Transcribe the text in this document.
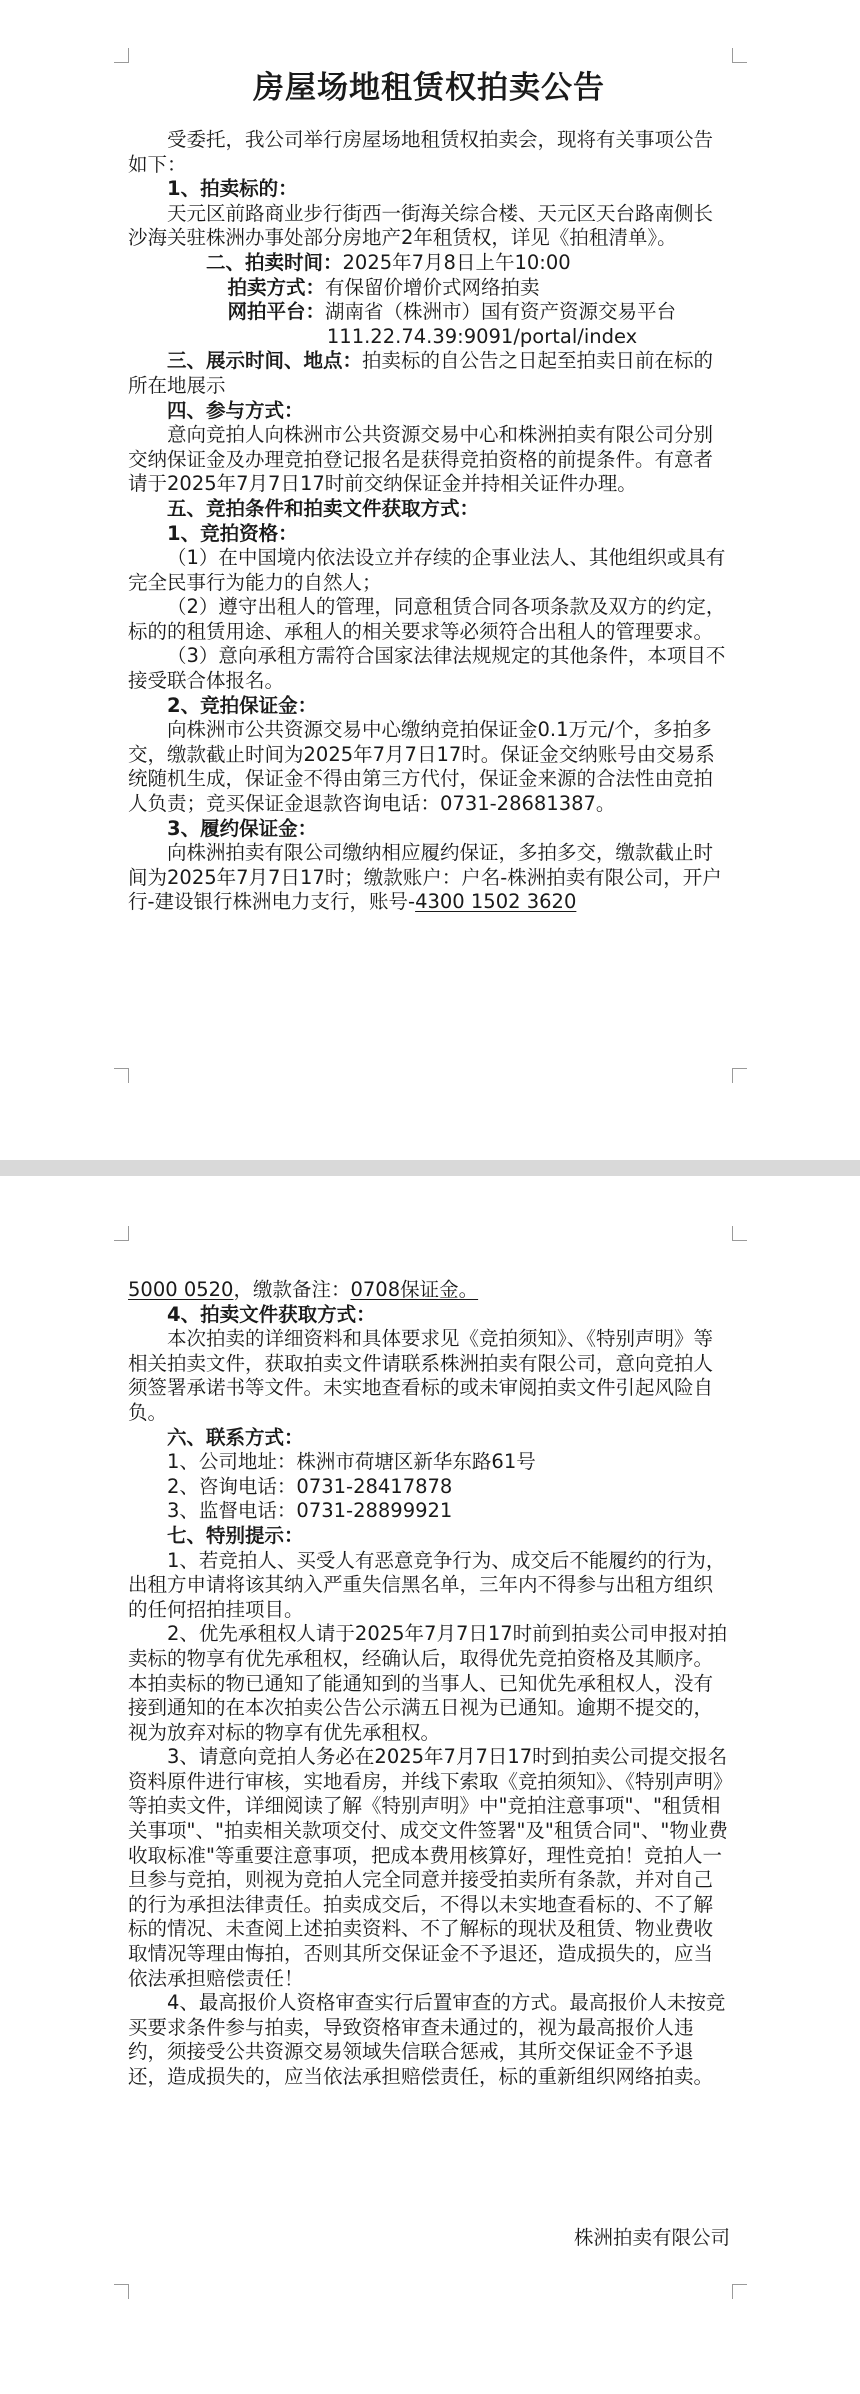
房屋场地租赁权拍卖公告

受委托，我公司举行房屋场地租赁权拍卖会，现将有关事项公告如下：

1、拍卖标的：

天元区前路商业步行街西一街海关综合楼、天元区天台路南侧长沙海关驻株洲办事处部分房地产2年租赁权，详见《拍租清单》。

二、拍卖时间：2025年7月8日上午10:00

拍卖方式：有保留价增价式网络拍卖

网拍平台：湖南省（株洲市）国有资产资源交易平台

111.22.74.39:9091/portal/index

三、展示时间、地点：拍卖标的自公告之日起至拍卖日前在标的所在地展示

四、参与方式：

意向竞拍人向株洲市公共资源交易中心和株洲拍卖有限公司分别交纳保证金及办理竞拍登记报名是获得竞拍资格的前提条件。有意者请于2025年7月7日17时前交纳保证金并持相关证件办理。

五、竞拍条件和拍卖文件获取方式：

1、竞拍资格：

（1）在中国境内依法设立并存续的企事业法人、其他组织或具有完全民事行为能力的自然人；

（2）遵守出租人的管理，同意租赁合同各项条款及双方的约定，标的的租赁用途、承租人的相关要求等必须符合出租人的管理要求。

（3）意向承租方需符合国家法律法规规定的其他条件，本项目不接受联合体报名。

2、竞拍保证金：

向株洲市公共资源交易中心缴纳竞拍保证金0.1万元/个，多拍多交，缴款截止时间为2025年7月7日17时。保证金交纳账号由交易系统随机生成，保证金不得由第三方代付，保证金来源的合法性由竞拍人负责；竞买保证金退款咨询电话：0731-28681387。

3、履约保证金：

向株洲拍卖有限公司缴纳相应履约保证，多拍多交，缴款截止时间为2025年7月7日17时；缴款账户：户名-株洲拍卖有限公司，开户行-建设银行株洲电力支行，账号-4300 1502 3620

5000 0520，缴款备注：0708保证金。

4、拍卖文件获取方式：

本次拍卖的详细资料和具体要求见《竞拍须知》、《特别声明》等相关拍卖文件，获取拍卖文件请联系株洲拍卖有限公司，意向竞拍人须签署承诺书等文件。未实地查看标的或未审阅拍卖文件引起风险自负。

六、联系方式：

1、公司地址：株洲市荷塘区新华东路61号

2、咨询电话：0731-28417878

3、监督电话：0731-28899921

七、特别提示：

1、若竞拍人、买受人有恶意竞争行为、成交后不能履约的行为，出租方申请将该其纳入严重失信黑名单，三年内不得参与出租方组织的任何招拍挂项目。

2、优先承租权人请于2025年7月7日17时前到拍卖公司申报对拍卖标的物享有优先承租权，经确认后，取得优先竞拍资格及其顺序。本拍卖标的物已通知了能通知到的当事人、已知优先承租权人，没有接到通知的在本次拍卖公告公示满五日视为已通知。逾期不提交的，视为放弃对标的物享有优先承租权。

3、请意向竞拍人务必在2025年7月7日17时到拍卖公司提交报名资料原件进行审核，实地看房，并线下索取《竞拍须知》、《特别声明》等拍卖文件，详细阅读了解《特别声明》中"竞拍注意事项"、"租赁相关事项"、"拍卖相关款项交付、成交文件签署"及"租赁合同"、"物业费收取标准"等重要注意事项，把成本费用核算好，理性竞拍！竞拍人一旦参与竞拍，则视为竞拍人完全同意并接受拍卖所有条款，并对自己的行为承担法律责任。拍卖成交后，不得以未实地查看标的、不了解标的情况、未查阅上述拍卖资料、不了解标的现状及租赁、物业费收取情况等理由悔拍，否则其所交保证金不予退还，造成损失的，应当依法承担赔偿责任！

4、最高报价人资格审查实行后置审查的方式。最高报价人未按竞买要求条件参与拍卖，导致资格审查未通过的，视为最高报价人违约，须接受公共资源交易领域失信联合惩戒，其所交保证金不予退还，造成损失的，应当依法承担赔偿责任，标的重新组织网络拍卖。

株洲拍卖有限公司
